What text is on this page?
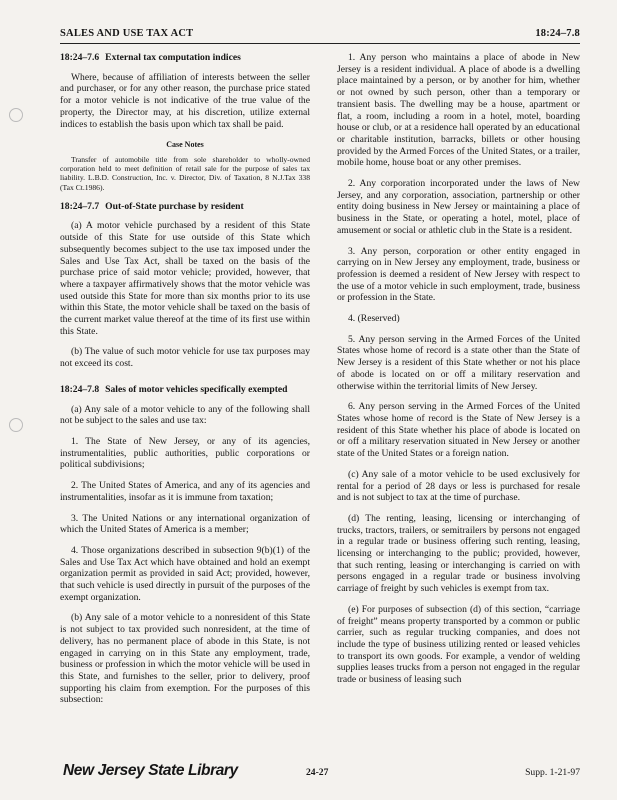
SALES AND USE TAX ACT	18:24–7.8
18:24–7.6 External tax computation indices

Where, because of affiliation of interests between the seller and purchaser, or for any other reason, the purchase price stated for a motor vehicle is not indicative of the true value of the property, the Director may, at his discretion, utilize external indices to establish the basis upon which tax shall be paid.

Case Notes

Transfer of automobile title from sole shareholder to wholly-owned corporation held to meet definition of retail sale for the purpose of sales tax liability. L.B.D. Construction, Inc. v. Director, Div. of Taxation, 8 N.J.Tax 338 (Tax Ct.1986).

18:24–7.7 Out-of-State purchase by resident

(a) A motor vehicle purchased by a resident of this State outside of this State for use outside of this State which subsequently becomes subject to the use tax imposed under the Sales and Use Tax Act, shall be taxed on the basis of the purchase price of said motor vehicle; provided, however, that where a taxpayer affirmatively shows that the motor vehicle was used outside this State for more than six months prior to its use within this State, the motor vehicle shall be taxed on the basis of the current market value thereof at the time of its first use within this State.

(b) The value of such motor vehicle for use tax purposes may not exceed its cost.

18:24–7.8 Sales of motor vehicles specifically exempted

(a) Any sale of a motor vehicle to any of the following shall not be subject to the sales and use tax:

1. The State of New Jersey, or any of its agencies, instrumentalities, public authorities, public corporations or political subdivisions;

2. The United States of America, and any of its agencies and instrumentalities, insofar as it is immune from taxation;

3. The United Nations or any international organization of which the United States of America is a member;

4. Those organizations described in subsection 9(b)(1) of the Sales and Use Tax Act which have obtained and hold an exempt organization permit as provided in said Act; provided, however, that such vehicle is used directly in pursuit of the purposes of the exempt organization.

(b) Any sale of a motor vehicle to a nonresident of this State is not subject to tax provided such nonresident, at the time of delivery, has no permanent place of abode in this State, is not engaged in carrying on in this State any employment, trade, business or profession in which the motor vehicle will be used in this State, and furnishes to the seller, prior to delivery, proof supporting his claim from exemption. For the purposes of this subsection:

1. Any person who maintains a place of abode in New Jersey is a resident individual. A place of abode is a dwelling place maintained by a person, or by another for him, whether or not owned by such person, other than a temporary or transient basis. The dwelling may be a house, apartment or flat, a room, including a room in a hotel, motel, boarding house or club, or at a residence hall operated by an educational or charitable institution, barracks, billets or other housing provided by the Armed Forces of the United States, or a trailer, mobile home, house boat or any other premises.

2. Any corporation incorporated under the laws of New Jersey, and any corporation, association, partnership or other entity doing business in New Jersey or maintaining a place of business in the State, or operating a hotel, motel, place of amusement or social or athletic club in the State is a resident.

3. Any person, corporation or other entity engaged in carrying on in New Jersey any employment, trade, business or profession is deemed a resident of New Jersey with respect to the use of a motor vehicle in such employment, trade, business or profession in the State.

4. (Reserved)

5. Any person serving in the Armed Forces of the United States whose home of record is a state other than the State of New Jersey is a resident of this State whether or not his place of abode is located on or off a military reservation and otherwise within the territorial limits of New Jersey.

6. Any person serving in the Armed Forces of the United States whose home of record is the State of New Jersey is a resident of this State whether his place of abode is located on or off a military reservation situated in New Jersey or another state of the United States or a foreign nation.

(c) Any sale of a motor vehicle to be used exclusively for rental for a period of 28 days or less is purchased for resale and is not subject to tax at the time of purchase.

(d) The renting, leasing, licensing or interchanging of trucks, tractors, trailers, or semitrailers by persons not engaged in a regular trade or business offering such renting, leasing, licensing or interchanging to the public; provided, however, that such renting, leasing or interchanging is carried on with persons engaged in a regular trade or business involving carriage of freight by such vehicles is exempt from tax.

(e) For purposes of subsection (d) of this section, “carriage of freight” means property transported by a common or public carrier, such as regular trucking companies, and does not include the type of business utilizing rented or leased vehicles to transport its own goods. For example, a vendor of welding supplies leases trucks from a person not engaged in the regular trade or business of leasing such

New Jersey State Library	24-27	Supp. 1-21-97
